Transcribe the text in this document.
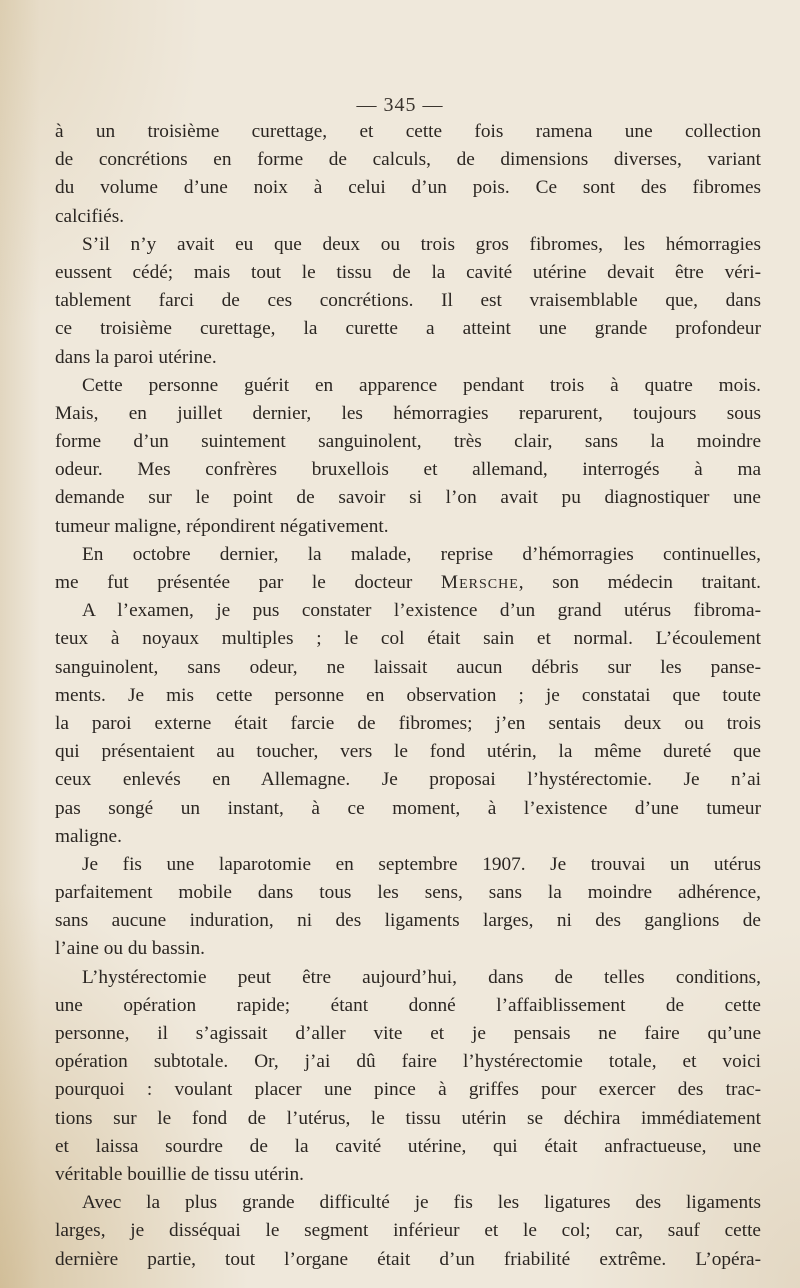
— 345 —
à un troisième curettage, et cette fois ramena une collection
de concrétions en forme de calculs, de dimensions diverses, variant
du volume d’une noix à celui d’un pois. Ce sont des fibromes
calcifiés.
S’il n’y avait eu que deux ou trois gros fibromes, les hémorragies
eussent cédé; mais tout le tissu de la cavité utérine devait être véri-
tablement farci de ces concrétions. Il est vraisemblable que, dans
ce troisième curettage, la curette a atteint une grande profondeur
dans la paroi utérine.
Cette personne guérit en apparence pendant trois à quatre mois.
Mais, en juillet dernier, les hémorragies reparurent, toujours sous
forme d’un suintement sanguinolent, très clair, sans la moindre
odeur. Mes confrères bruxellois et allemand, interrogés à ma
demande sur le point de savoir si l’on avait pu diagnostiquer une
tumeur maligne, répondirent négativement.
En octobre dernier, la malade, reprise d’hémorragies continuelles,
me fut présentée par le docteur Mersche, son médecin traitant.
A l’examen, je pus constater l’existence d’un grand utérus fibroma-
teux à noyaux multiples ; le col était sain et normal. L’écoulement
sanguinolent, sans odeur, ne laissait aucun débris sur les panse-
ments. Je mis cette personne en observation ; je constatai que toute
la paroi externe était farcie de fibromes; j’en sentais deux ou trois
qui présentaient au toucher, vers le fond utérin, la même dureté que
ceux enlevés en Allemagne. Je proposai l’hystérectomie. Je n’ai
pas songé un instant, à ce moment, à l’existence d’une tumeur
maligne.
Je fis une laparotomie en septembre 1907. Je trouvai un utérus
parfaitement mobile dans tous les sens, sans la moindre adhérence,
sans aucune induration, ni des ligaments larges, ni des ganglions de
l’aine ou du bassin.
L’hystérectomie peut être aujourd’hui, dans de telles conditions,
une opération rapide; étant donné l’affaiblissement de cette
personne, il s’agissait d’aller vite et je pensais ne faire qu’une
opération subtotale. Or, j’ai dû faire l’hystérectomie totale, et voici
pourquoi : voulant placer une pince à griffes pour exercer des trac-
tions sur le fond de l’utérus, le tissu utérin se déchira immédiatement
et laissa sourdre de la cavité utérine, qui était anfractueuse, une
véritable bouillie de tissu utérin.
Avec la plus grande difficulté je fis les ligatures des ligaments
larges, je disséquai le segment inférieur et le col; car, sauf cette
dernière partie, tout l’organe était d’un friabilité extrême. L’opéra-
